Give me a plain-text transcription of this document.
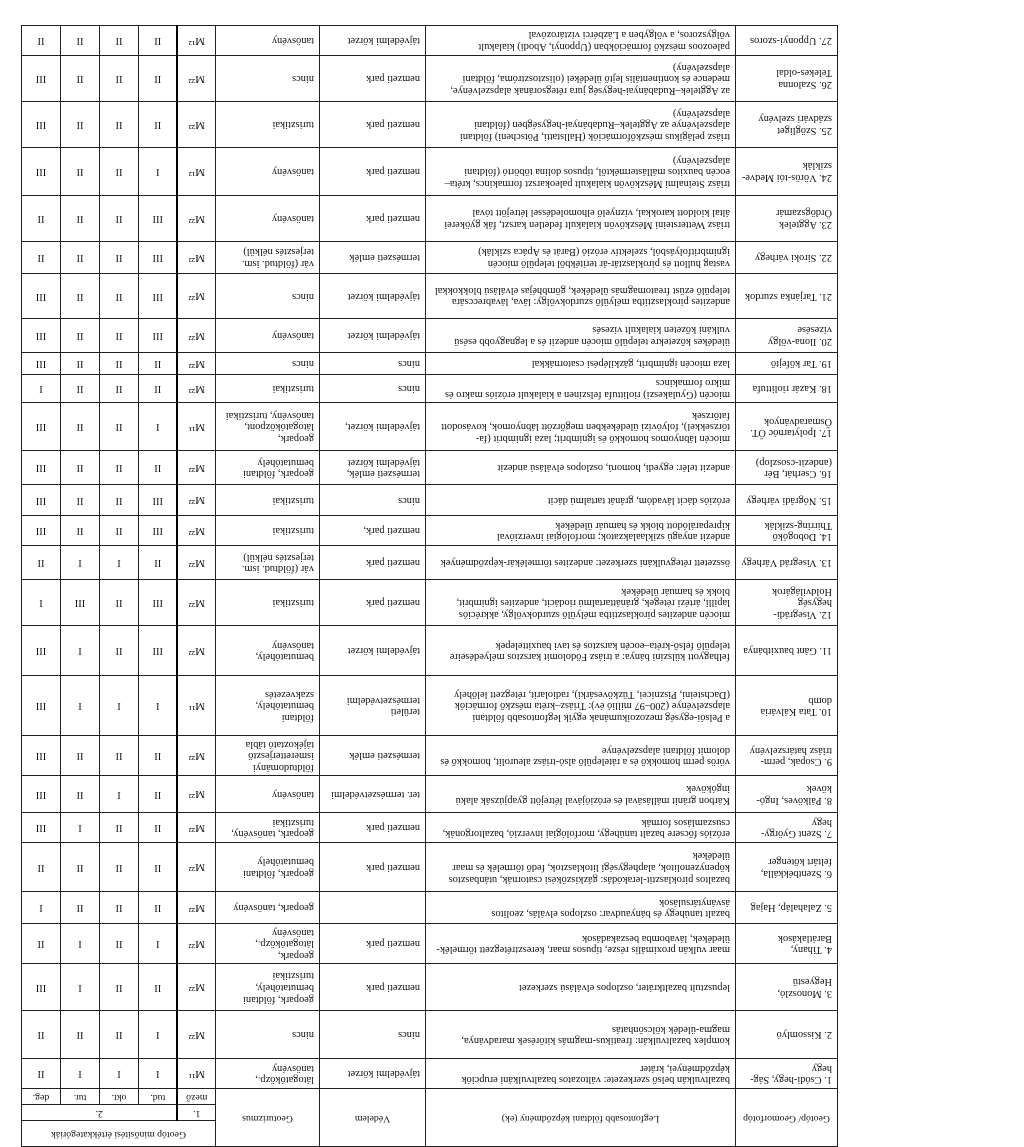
Geotóp/ Geomorfotóp	Legfontosabb földtani képződmény (ek)	Védelem	Geoturizmus	Geotóp minősítési értékkategóriák				
				1.	2.			
				mező	tud.	okt.	tur.	deg.
1. Csódi-hegy, Ság-hegy	bazaltvulkán belső szerkezete: változatos bazaltvulkáni erupciók képződményei, kráter	tájvédelmi körzet	látogatóközp., tanösvény	M¹¹	I	I	I	II
2. Kissomlyó	komplex bazaltvulkán: freatikus-magmás kitörések maradványa, magma-üledék kölcsönhatás	nincs	nincs	M²²	I	II	II	II
3. Monoszló, Hegyestű	lepusztult bazaltkráter, oszlopos elválású szerkezet	nemzeti park	geopark, földtani bemutatóhely, turisztikai	M²²	II	II	I	III
4. Tihany, Barátlakások	maar vulkán proximális része, típusos maar, keresztrétegzett törmelék-üledékek, lávabomba beszakadások	nemzeti park	geopark, látogatóközp., tanösvény	M²²	I	II	I	II
5. Zalahaláp, Hajag	bazalt tanúhegy és bányaudvar: oszlopos elválás, zeolitos ásványtársulások		geopark, tanösvény	M²²	II	II	II	I
6. Szentbékkálla, feltárt kőtenger	bazaltos piroklasztit-lerakódás: gázkiszökési csatornák, utánbasztos köpenyzenolitok, alaphegységi litoklasztok, fedő törmelék és maar üledékek	nemzeti park	geopark, földtani bemutatóhely	M²²	II	II	II	II
7. Szent György-hegy	eróziós főcsere bazalt tanúhegy, morfológiai inverzió, bazaltorgonák, csuszamlásos formák	nemzeti park	geopark, tanösvény, turisztikai	M²²	II	II	I	III
8. Pálköves, Ingó-kövek	Kárbon gránit mállásával és eróziójával létrejött gyapjúzsák alakú ingókövek	ter. természetvédelmi	tanösvény	M²²	II	I	II	III
9. Csopak, perm-triász határszelvény	vörös perm homokkő és a rátelepülő alsó-triász aleurolit, homokkő és dolomit földtani alapszelvénye	természeti emlék	földtudományi ismeretterjesztő tájékoztató tábla	M²²	II	II	II	III
10. Tata Kálvária domb	a Pelsói-egység mezozoikumának egyik legfontosabb földtani alapszelvénye (200–97 millió év): Triász–kréta mészkő formációk (Dachsteini, Pisznicei, Tűzkövesárki), radiolarit, rétegzett lelőhely	területi természetvédelmi	földtani bemutatóhely, szakvezetés	M¹¹	I	I	I	III
11. Gánt bauxitbánya	felhagyott külszíni bánya: a triász Fődolomit karsztos mélyedéseire települő felső-kréta–eocén karsztos és tavi bauxittelepek	tájvédelmi körzet	bemutatóhely, tanösvény	M²²	III	II	I	III
12. Visegrádi-hegység Holdvilágárok	miocén andezites piroklasztitba mélyülő szurdokvölgy, akkréciós lapilli, ártézi rétegek, gránáttartalmú riodácit, andezites ignimbrit, blokk és hamuár üledékek	nemzeti park	turisztikai	M²²	III	II	III	I
13. Visegrád Várhegy	összetett rétegvulkáni szerkezet: andezites törmelékár-képződmények	nemzeti park	vár (földtud. ism. terjesztés nélkül)	M²²	II	I	I	II
14. Dobogókő Thirring-sziklák	andezit anyagú sziklaalakzatok; morfológiai inverzióval kipreparálódott blokk és hamuár üledékek	nemzeti park,	turisztikai	M²²	III	II	II	III
15. Nógrádi várhegy	eróziós dácit lávadóm, gránát tartalmú dácit	nincs	turisztikai	M²²	III	II	II	III
16. Cserhát, Bér (andezit-csoszlop)	andezit telér: egyedi, homorú, oszlopos elválású andezit	természeti emlék, tájvédelmi körzet	geopark, földtani bemutatóhely	M²²	II	II	II	III
17. Ipolytarnóc ŐT. Ősmaradványok	miocén lábnyomos homokkő és ignimbrit; laza ignimbrit (fa-törzsekkel), folyóvízi üledékekben megőrzött lábnyomok, kovásodott fatörzsek	tájvédelmi körzet,	geopark, látogatóközpont, tanösvény, turisztikai	M¹¹	I	II	II	III
18. Kazár riolittufa	miocén (Gyulakeszi) riolittufa felszínen a kialakult eróziós makro és mikro formakincs	nincs	turisztikai	M²²	II	II	II	I
19. Tar kőfejtő	laza miocén ignimbrit, gázkilépési csatornákkal	nincs	nincs	M²²	II	II	II	III
20. Ilona-völgy vízesése	üledékes kőzetekre települő miocén andezit és a legnagyobb esésű vulkáni kőzeten kialakult vízesés	tájvédelmi körzet	tanösvény	M²²	III	II	II	III
21. Tarjánka szurdok	andezites piroklasztitba mélyülő szurdokvölgy: láva, lávabreccsára települő ezüst freatomagmás üledékek, gömbhéjas elválású blokkokkal	tájvédelmi körzet	nincs	M²²	III	II	II	III
22. Siroki várhegy	vastag hullott és piroklasztár-ár terítékből települő miocén ignimbritfolyásból, szelektív erózió (Barát és Apáca sziklák)	természeti emlék	vár (földtud. ism. terjesztés nélkül)	M²²	III	II	II	II
23. Aggtelek Ördögszamár	triász Wettersteini Mészkövön kialakult fedetlen karszt, fák gyökerei által kioldott karokkal, víznyelő elhomoledéssel létrejött tóval	nemzeti park	tanösvény	M²²	III	II	II	II
24. Vörös-tói Medve-sziklák	triász Steinalmi Mészkövön kialakult paleokarszt formakincs, kréta–eocén bauxitos mállásterméktől, típusos dolina töbörtó (földtani alapszelvény)	nemzeti park	tanösvény	M¹²	I	II	II	III
25. Szögliget szádvári szelvény	triász pelágikus mészkőformációk (Hallstatti, Pötscheni) földtani alapszelvénye az Aggtelek–Rudabányai-hegységben (földtani alapszelvény)	nemzeti park	turisztikai	M²²	II	II	II	III
26. Szalonna Telekes-oldal	az Aggtelek–Rudabányai-hegység jura rétegsorának alapszelvénye, medence és kontinentális lejtő üledékei (olisztosztróma, földtani alapszelvény)	nemzeti park	nincs	M²²	II	II	II	III
27. Upponyi-szoros	paleozoos mészkő formációkban (Upponyi, Abodi) kialakult völgyszoros, a völgyben a Lázbérci víztározóval	tájvédelmi körzet	tanösvény	M¹²	II	II	II	II
